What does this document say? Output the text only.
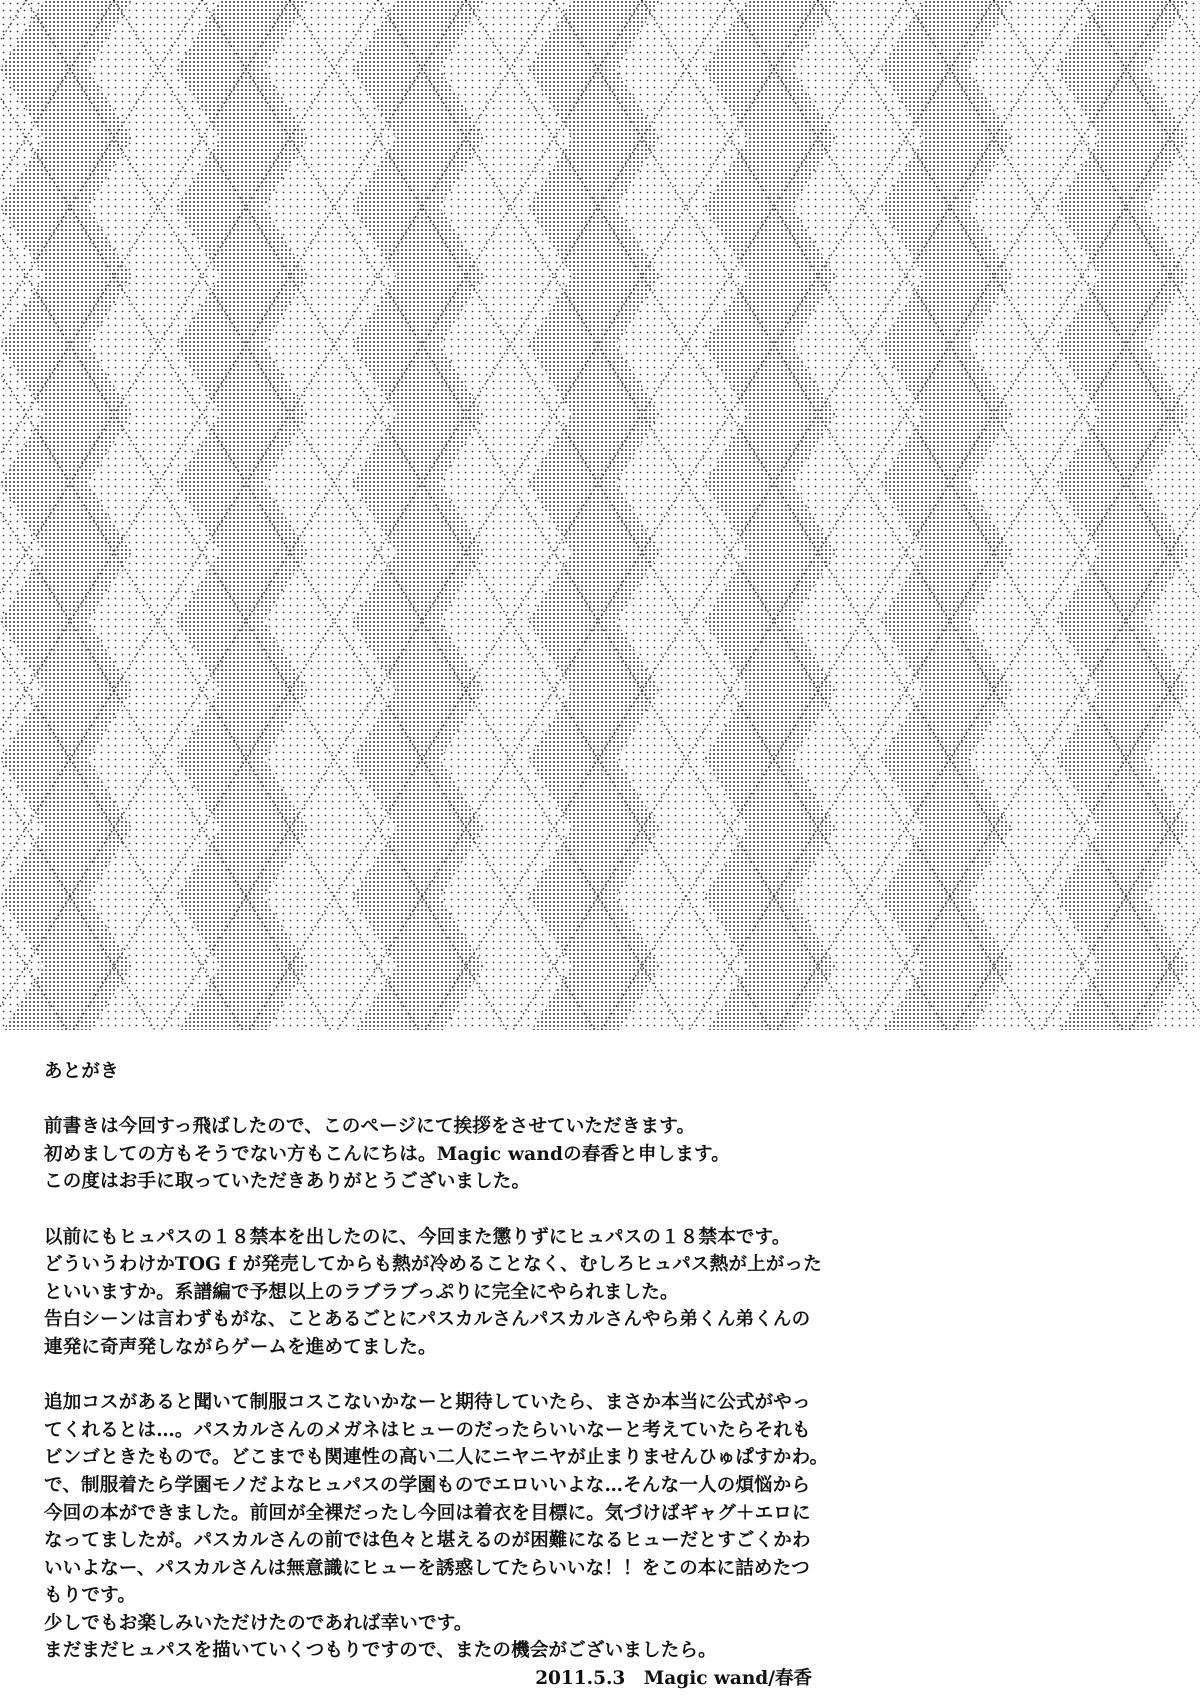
あとがき
前書きは今回すっ飛ばしたので、このページにて挨拶をさせていただきます。
初めましての方もそうでない方もこんにちは。Magic wandの春香と申します。
この度はお手に取っていただきありがとうございました。
以前にもヒュパスの１８禁本を出したのに、今回また懲りずにヒュパスの１８禁本です。
どういうわけかTOG f が発売してからも熱が冷めることなく、むしろヒュパス熱が上がった
といいますか。系譜編で予想以上のラブラブっぷりに完全にやられました。
告白シーンは言わずもがな、ことあるごとにパスカルさんパスカルさんやら弟くん弟くんの
連発に奇声発しながらゲームを進めてました。
追加コスがあると聞いて制服コスこないかなーと期待していたら、まさか本当に公式がやっ
てくれるとは…。パスカルさんのメガネはヒューのだったらいいなーと考えていたらそれも
ビンゴときたもので。どこまでも関連性の高い二人にニヤニヤが止まりませんひゅぱすかわ。
で、制服着たら学園モノだよなヒュパスの学園ものでエロいいよな…そんな一人の煩悩から
今回の本ができました。前回が全裸だったし今回は着衣を目標に。気づけばギャグ＋エロに
なってましたが。パスカルさんの前では色々と堪えるのが困難になるヒューだとすごくかわ
いいよなー、パスカルさんは無意識にヒューを誘惑してたらいいな！！をこの本に詰めたつ
もりです。
少しでもお楽しみいただけたのであれば幸いです。
まだまだヒュパスを描いていくつもりですので、またの機会がございましたら。
2011.5.3　Magic wand/春香
